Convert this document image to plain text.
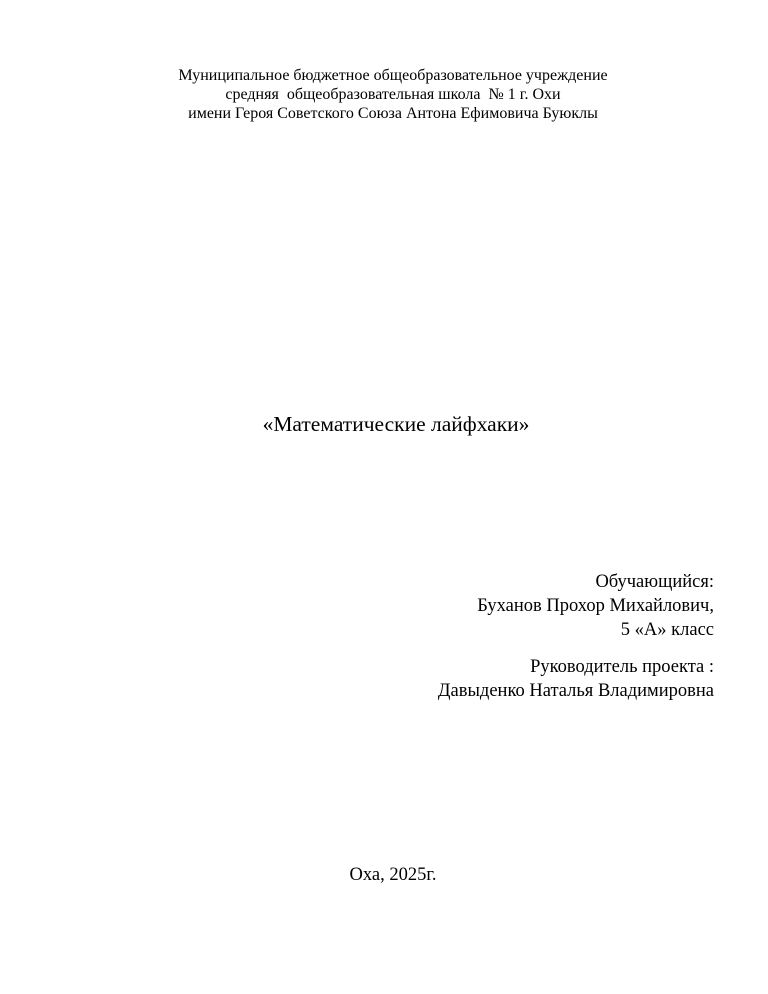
Муниципальное бюджетное общеобразовательное учреждение
средняя  общеобразовательная школа  № 1 г. Охи
имени Героя Советского Союза Антона Ефимовича Буюклы
«Математические лайфхаки»
Обучающийся:
Буханов Прохор Михайлович,
5 «А» класс
Руководитель проекта :
Давыденко Наталья Владимировна
Оха, 2025г.
